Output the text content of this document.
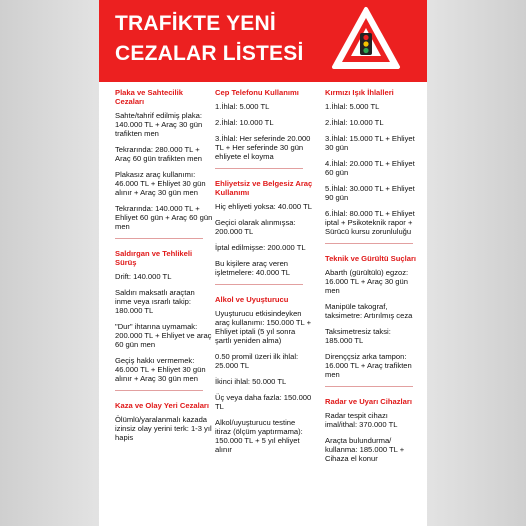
TRAFİKTE YENİ
CEZALAR LİSTESİ
Plaka ve Sahtecilik Cezaları
Sahte/tahrif edilmiş plaka: 140.000 TL + Araç 30 gün trafikten men
Tekrarında: 280.000 TL + Araç 60 gün trafikten men
Plakasız araç kullanımı: 46.000 TL + Ehliyet 30 gün alınır + Araç 30 gün men
Tekrarında: 140.000 TL + Ehliyet 60 gün + Araç 60 gün men
Saldırgan ve Tehlikeli Sürüş
Drift: 140.000 TL
Saldırı maksatlı araçtan inme veya ısrarlı takip: 180.000 TL
"Dur" ihtarına uymamak: 200.000 TL + Ehliyet ve araç 60 gün men
Geçiş hakkı vermemek: 46.000 TL + Ehliyet 30 gün alınır + Araç 30 gün men
Kaza ve Olay Yeri Cezaları
Ölümlü/yaralanmalı kazada izinsiz olay yerini terk: 1-3 yıl hapis
Cep Telefonu Kullanımı
1.İhlal: 5.000 TL
2.İhlal: 10.000 TL
3.İhlal: Her seferinde 20.000 TL + Her seferinde 30 gün ehliyete el koyma
Ehliyetsiz ve Belgesiz Araç Kullanımı
Hiç ehliyeti yoksa: 40.000 TL
Geçici olarak alınmışsa: 200.000 TL
İptal edilmişse: 200.000 TL
Bu kişilere araç veren işletmelere: 40.000 TL
Alkol ve Uyuşturucu
Uyuşturucu etkisindeyken araç kullanımı: 150.000 TL + Ehliyet iptali (5 yıl sonra şartlı yeniden alma)
0.50 promil üzeri ilk ihlal: 25.000 TL
İkinci ihlal: 50.000 TL
Üç veya daha fazla: 150.000 TL
Alkol/uyuşturucu testine itiraz (ölçüm yaptırmama): 150.000 TL + 5 yıl ehliyet alınır
Kırmızı Işık İhlalleri
1.İhlal: 5.000 TL
2.İhlal: 10.000 TL
3.İhlal: 15.000 TL + Ehliyet 30 gün
4.İhlal: 20.000 TL + Ehliyet 60 gün
5.İhlal: 30.000 TL + Ehliyet 90 gün
6.İhlal: 80.000 TL + Ehliyet iptal + Psikoteknik rapor + Sürücü kursu zorunluluğu
Teknik ve Gürültü Suçları
Abarth (gürültülü) egzoz: 16.000 TL + Araç 30 gün men
Manipüle takograf, taksimetre: Artırılmış ceza
Taksimetresiz taksi: 185.000 TL
Direnççsiz arka tampon: 16.000 TL + Araç trafikten men
Radar ve Uyarı Cihazları
Radar tespit cihazı imal/ithal: 370.000 TL
Araçta bulundurma/ kullanma: 185.000 TL + Cihaza el konur
